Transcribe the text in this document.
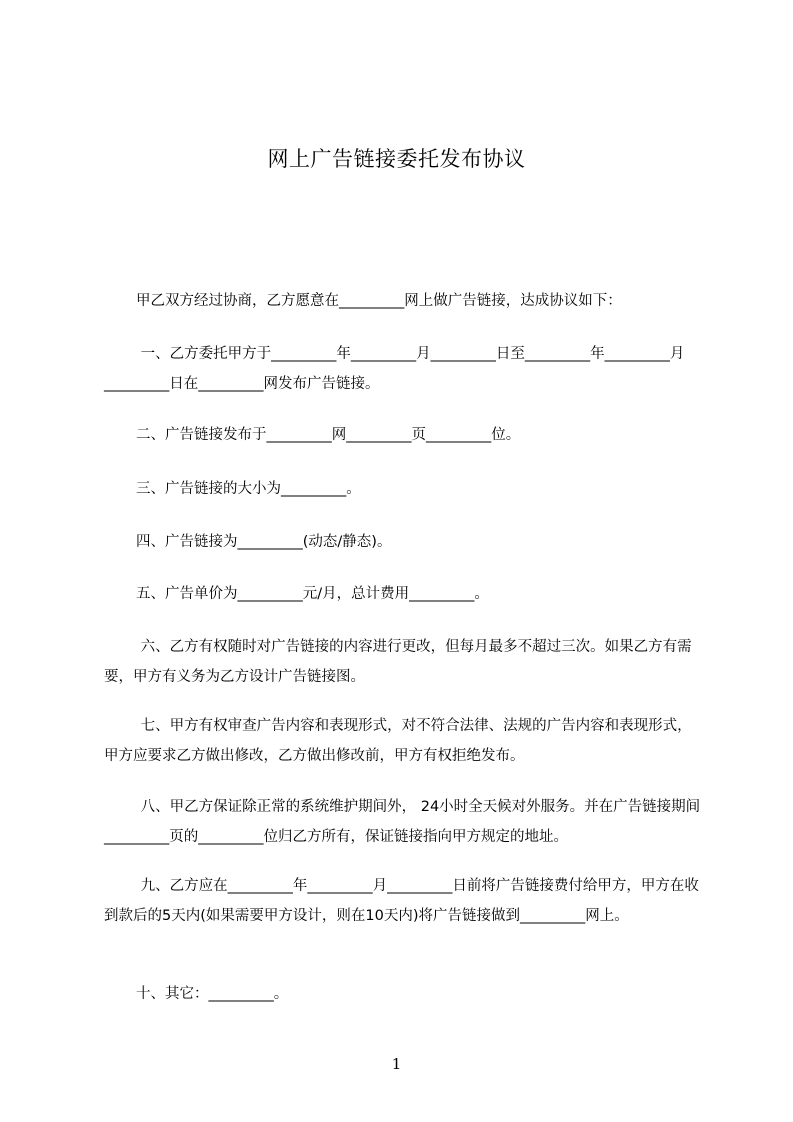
网上广告链接委托发布协议

甲乙双方经过协商，乙方愿意在_________网上做广告链接，达成协议如下：

一、乙方委托甲方于_________年_________月_________日至_________年_________月_________日在_________网发布广告链接。

二、广告链接发布于_________网_________页_________位。

三、广告链接的大小为_________。

四、广告链接为_________(动态/静态)。

五、广告单价为_________元/月，总计费用_________。

六、乙方有权随时对广告链接的内容进行更改，但每月最多不超过三次。如果乙方有需要，甲方有义务为乙方设计广告链接图。

七、甲方有权审查广告内容和表现形式，对不符合法律、法规的广告内容和表现形式，甲方应要求乙方做出修改，乙方做出修改前，甲方有权拒绝发布。

八、甲乙方保证除正常的系统维护期间外， 24小时全天候对外服务。并在广告链接期间_________页的_________位归乙方所有，保证链接指向甲方规定的地址。

九、乙方应在_________年_________月_________日前将广告链接费付给甲方，甲方在收到款后的5天内(如果需要甲方设计，则在10天内)将广告链接做到_________网上。

十、其它：_________。

1
